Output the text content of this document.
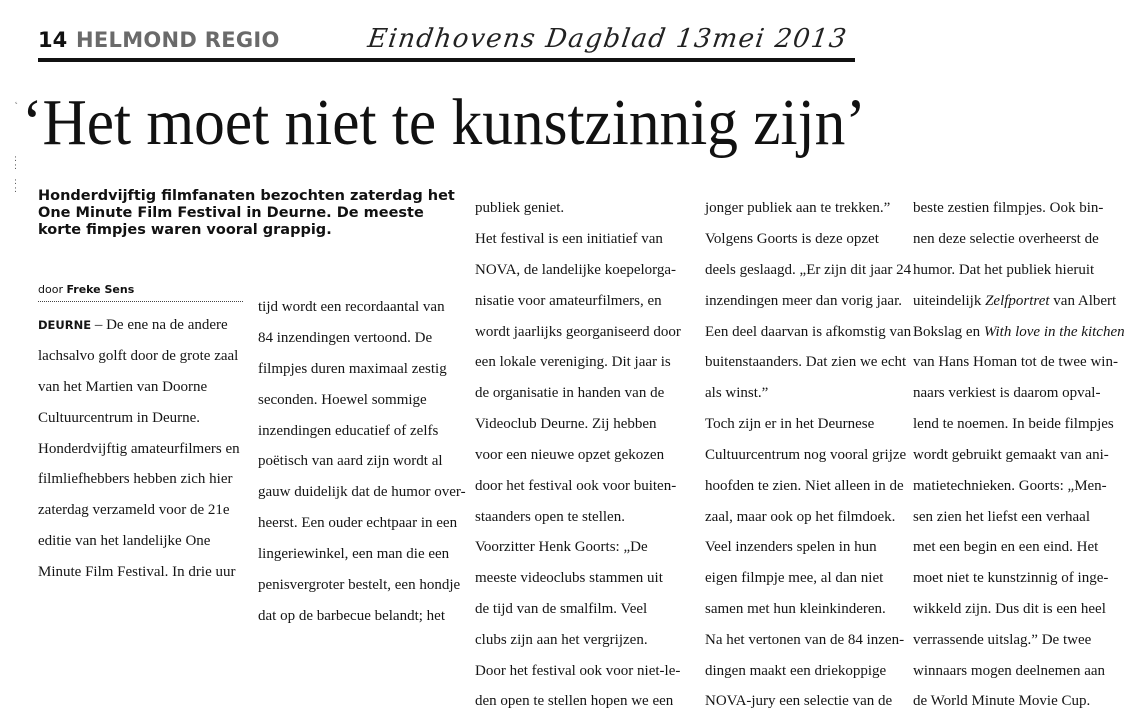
14 HELMOND REGIO	Eindhovens Dagblad 13mei 2013
˛
:
:
:
:
‘Het moet niet te kunstzinnig zijn’
Honderdvijftig filmfanaten bezochten zaterdag het One Minute Film Festival in Deurne. De meeste korte fimpjes waren vooral grappig.
door Freke Sens

DEURNE – De ene na de andere

lachsalvo golft door de grote zaal

van het Martien van Doorne

Cultuurcentrum in Deurne.

Honderdvijftig amateurfilmers en

filmliefhebbers hebben zich hier

zaterdag verzameld voor de 21e

editie van het landelijke One

Minute Film Festival. In drie uur

tijd wordt een recordaantal van

84 inzendingen vertoond. De

filmpjes duren maximaal zestig

seconden. Hoewel sommige

inzendingen educatief of zelfs

poëtisch van aard zijn wordt al

gauw duidelijk dat de humor over-

heerst. Een ouder echtpaar in een

lingeriewinkel, een man die een

penisvergroter bestelt, een hondje

dat op de barbecue belandt; het

publiek geniet.

Het festival is een initiatief van

NOVA, de landelijke koepelorga-

nisatie voor amateurfilmers, en

wordt jaarlijks georganiseerd door

een lokale vereniging. Dit jaar is

de organisatie in handen van de

Videoclub Deurne. Zij hebben

voor een nieuwe opzet gekozen

door het festival ook voor buiten-

staanders open te stellen.

Voorzitter Henk Goorts: „De

meeste videoclubs stammen uit

de tijd van de smalfilm. Veel

clubs zijn aan het vergrijzen.

Door het festival ook voor niet-le-

den open te stellen hopen we een

jonger publiek aan te trekken.”

Volgens Goorts is deze opzet

deels geslaagd. „Er zijn dit jaar 24

inzendingen meer dan vorig jaar.

Een deel daarvan is afkomstig van

buitenstaanders. Dat zien we echt

als winst.”

Toch zijn er in het Deurnese

Cultuurcentrum nog vooral grijze

hoofden te zien. Niet alleen in de

zaal, maar ook op het filmdoek.

Veel inzenders spelen in hun

eigen filmpje mee, al dan niet

samen met hun kleinkinderen.

Na het vertonen van de 84 inzen-

dingen maakt een driekoppige

NOVA-jury een selectie van de

beste zestien filmpjes. Ook bin-

nen deze selectie overheerst de

humor. Dat het publiek hieruit

uiteindelijk Zelfportret van Albert

Bokslag en With love in the kitchen

van Hans Homan tot de twee win-

naars verkiest is daarom opval-

lend te noemen. In beide filmpjes

wordt gebruikt gemaakt van ani-

matietechnieken. Goorts: „Men-

sen zien het liefst een verhaal

met een begin en een eind. Het

moet niet te kunstzinnig of inge-

wikkeld zijn. Dus dit is een heel

verrassende uitslag.” De twee

winnaars mogen deelnemen aan

de World Minute Movie Cup.
